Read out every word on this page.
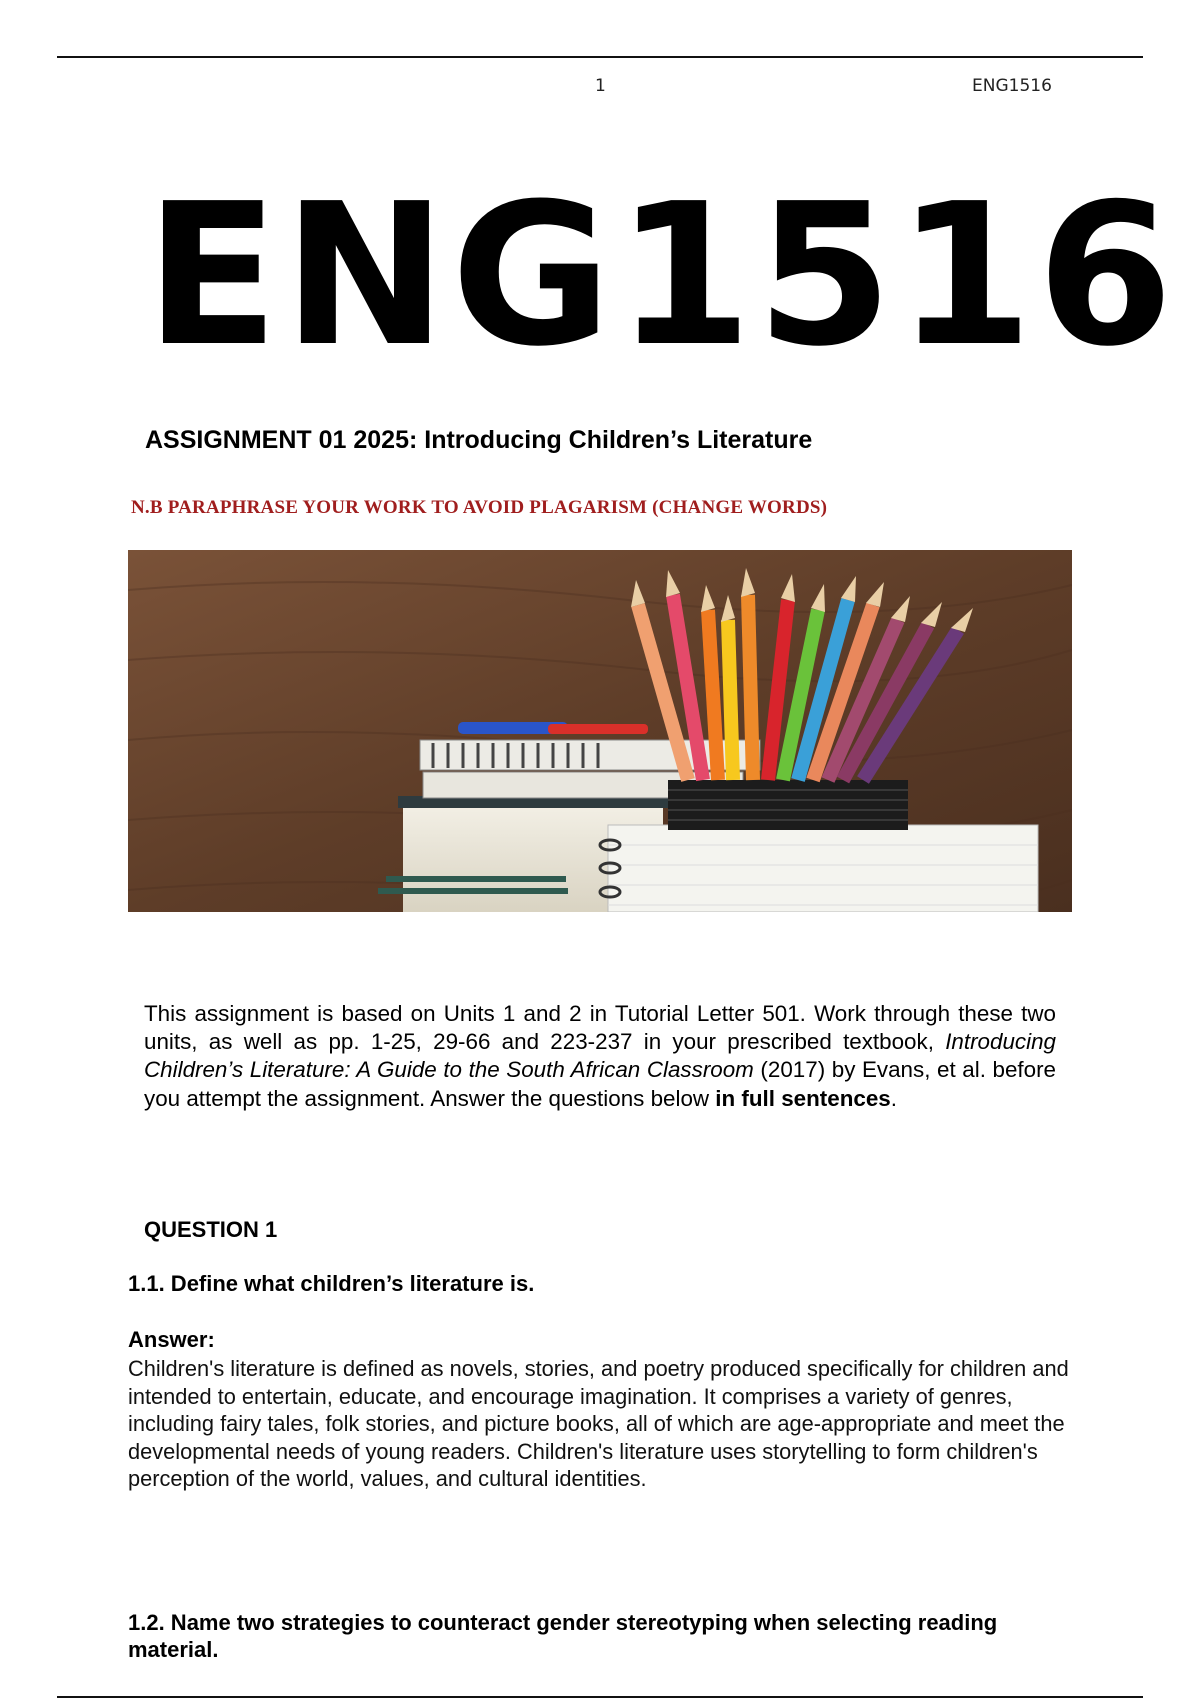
1	ENG1516
ENG1516
ASSIGNMENT 01 2025: Introducing Children’s Literature
N.B PARAPHRASE YOUR WORK TO AVOID PLAGARISM (CHANGE WORDS)
This assignment is based on Units 1 and 2 in Tutorial Letter 501. Work through these two units, as well as pp. 1-25, 29-66 and 223-237 in your prescribed textbook, Introducing Children’s Literature: A Guide to the South African Classroom (2017) by Evans, et al. before you attempt the assignment. Answer the questions below in full sentences.
QUESTION 1
1.1. Define what children’s literature is.
Answer:
Children's literature is defined as novels, stories, and poetry produced specifically for children and intended to entertain, educate, and encourage imagination. It comprises a variety of genres, including fairy tales, folk stories, and picture books, all of which are age-appropriate and meet the developmental needs of young readers. Children's literature uses storytelling to form children's perception of the world, values, and cultural identities.
1.2. Name two strategies to counteract gender stereotyping when selecting reading material.
